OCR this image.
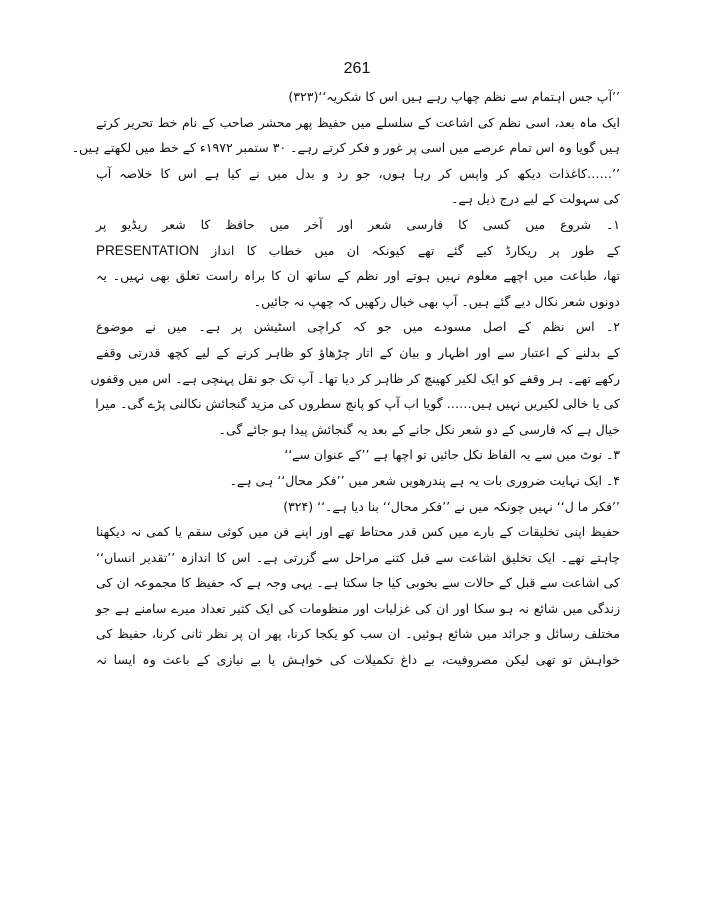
261
’’آپ جس اہتمام سے نظم چھاپ رہے ہیں اس کا شکریہ‘‘(۳۲۳)
ایک ماہ بعد، اسی نظم کی اشاعت کے سلسلے میں حفیظ پھر محشر صاحب کے نام خط تحریر کرتے
ہیں گویا وہ اس تمام عرصے میں اسی پر غور و فکر کرتے رہے۔ ۳۰ ستمبر ۱۹۷۲ء کے خط میں لکھتے ہیں۔
’’……کاغذات دیکھ کر واپس کر رہا ہوں، جو رد و بدل میں نے کیا ہے اس کا خلاصہ آپ
کی سہولت کے لیے درج ذیل ہے۔
۱۔ شروع میں کسی کا فارسی شعر اور آخر میں حافظ کا شعر ریڈیو پر
کے طور پر ریکارڈ کیے گئے تھے کیونکہ ان میں خطاب کا انداز PRESENTATION
تھا، طباعت میں اچھے معلوم نہیں ہوتے اور نظم کے ساتھ ان کا براہ راست تعلق بھی نہیں۔ یہ
دونوں شعر نکال دیے گئے ہیں۔ آپ بھی خیال رکھیں کہ چھپ نہ جائیں۔
۲۔ اس نظم کے اصل مسودے میں جو کہ کراچی اسٹیشن پر ہے۔ میں نے موضوع
کے بدلنے کے اعتبار سے اور اظہار و بیان کے اتار چڑھاؤ کو ظاہر کرنے کے لیے کچھ قدرتی وقفے
رکھے تھے۔ ہر وقفے کو ایک لکیر کھینچ کر ظاہر کر دیا تھا۔ آپ تک جو نقل پہنچی ہے۔ اس میں وقفوں
کی یا خالی لکیریں نہیں ہیں…… گویا اب آپ کو پانچ سطروں کی مزید گنجائش نکالنی پڑے گی۔ میرا
خیال ہے کہ فارسی کے دو شعر نکل جانے کے بعد یہ گنجائش پیدا ہو جائے گی۔
۳۔ نوٹ میں سے یہ الفاظ نکل جائیں تو اچھا ہے ’’کے عنوان سے‘‘
۴۔ ایک نہایت ضروری بات یہ ہے پندرھویں شعر میں ’’فکر محال‘‘ ہی ہے۔
’’فکر ما ل‘‘ نہیں چونکہ میں نے ’’فکر محال‘‘ بنا دیا ہے۔‘‘ (۳۲۴)
حفیظ اپنی تخلیقات کے بارے میں کس قدر محتاط تھے اور اپنے فن میں کوئی سقم یا کمی نہ دیکھنا
چاہتے تھے۔ ایک تخلیق اشاعت سے قبل کتنے مراحل سے گزرتی ہے۔ اس کا اندازہ ’’تقدیر انساں‘‘
کی اشاعت سے قبل کے حالات سے بخوبی کیا جا سکتا ہے۔ یہی وجہ ہے کہ حفیظ کا مجموعہ ان کی
زندگی میں شائع نہ ہو سکا اور ان کی غزلیات اور منظومات کی ایک کثیر تعداد میرے سامنے ہے جو
مختلف رسائل و جرائد میں شائع ہوئیں۔ ان سب کو یکجا کرنا، پھر ان پر نظر ثانی کرنا، حفیظ کی
خواہش تو تھی لیکن مصروفیت، بے داغ تکمیلات کی خواہش یا بے نیازی کے باعث وہ ایسا نہ
